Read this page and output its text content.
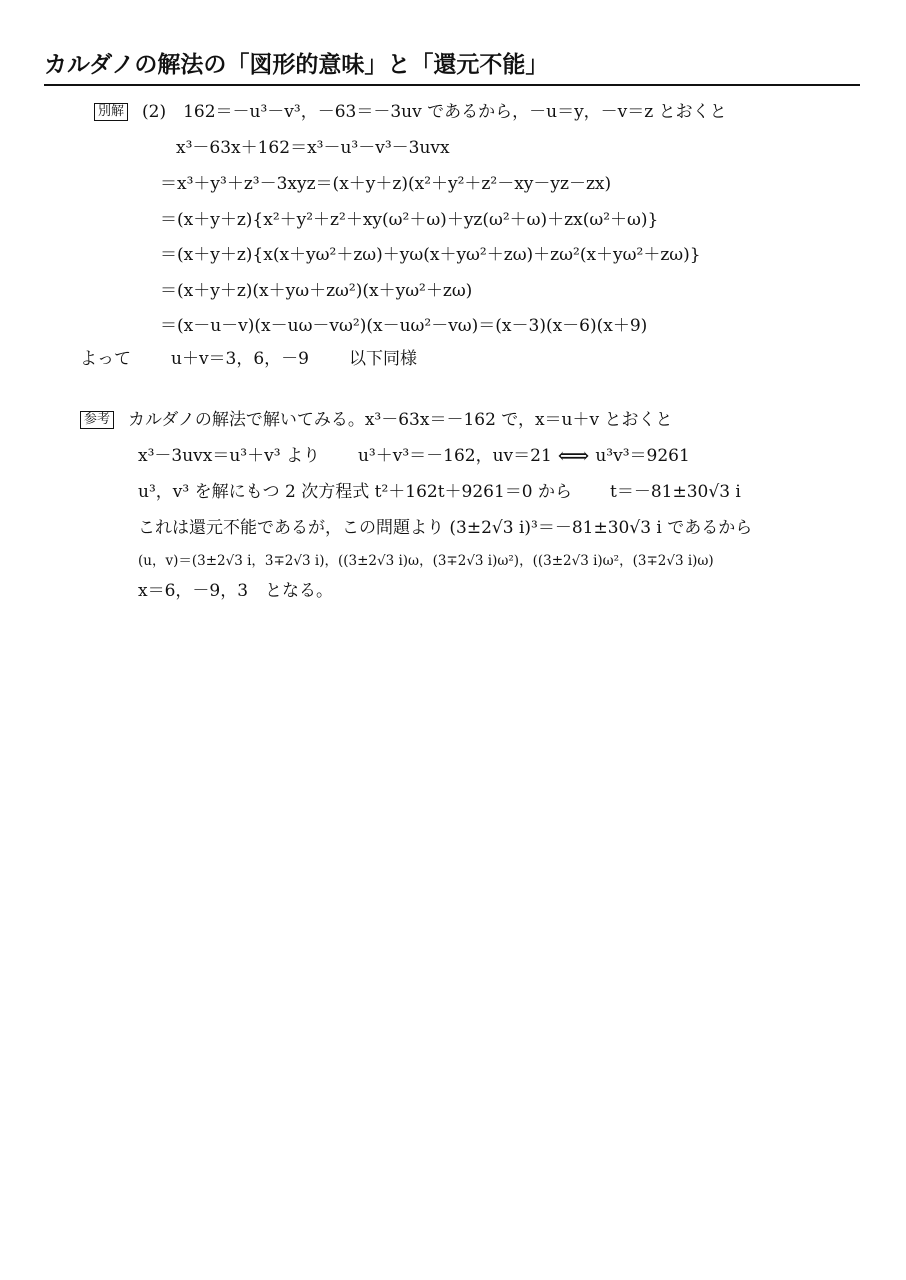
カルダノの解法の「図形的意味」と「還元不能」
別解 (2)　162＝－u³－v³，－63＝－3uv であるから，－u＝y，－v＝z とおくと
x³－63x＋162＝x³－u³－v³－3uvx
＝x³＋y³＋z³－3xyz＝(x＋y＋z)(x²＋y²＋z²－xy－yz－zx)
＝(x＋y＋z){x²＋y²＋z²＋xy(ω²＋ω)＋yz(ω²＋ω)＋zx(ω²＋ω)}
＝(x＋y＋z){x(x＋yω²＋zω)＋yω(x＋yω²＋zω)＋zω²(x＋yω²＋zω)}
＝(x＋y＋z)(x＋yω＋zω²)(x＋yω²＋zω)
＝(x－u－v)(x－uω－vω²)(x－uω²－vω)＝(x－3)(x－6)(x＋9)
よって u＋v＝3，6，－9 以下同様
参考 カルダノの解法で解いてみる。x³－63x＝－162 で，x＝u＋v とおくと
x³－3uvx＝u³＋v³ より u³＋v³＝－162，uv＝21 ⟺ u³v³＝9261
u³，v³ を解にもつ 2 次方程式 t²＋162t＋9261＝0 から t＝－81±30√3 i
これは還元不能であるが，この問題より (3±2√3 i)³＝－81±30√3 i であるから
(u，v)＝(3±2√3 i，3∓2√3 i)，((3±2√3 i)ω，(3∓2√3 i)ω²)，((3±2√3 i)ω²，(3∓2√3 i)ω)
x＝6，－9，3　となる。
